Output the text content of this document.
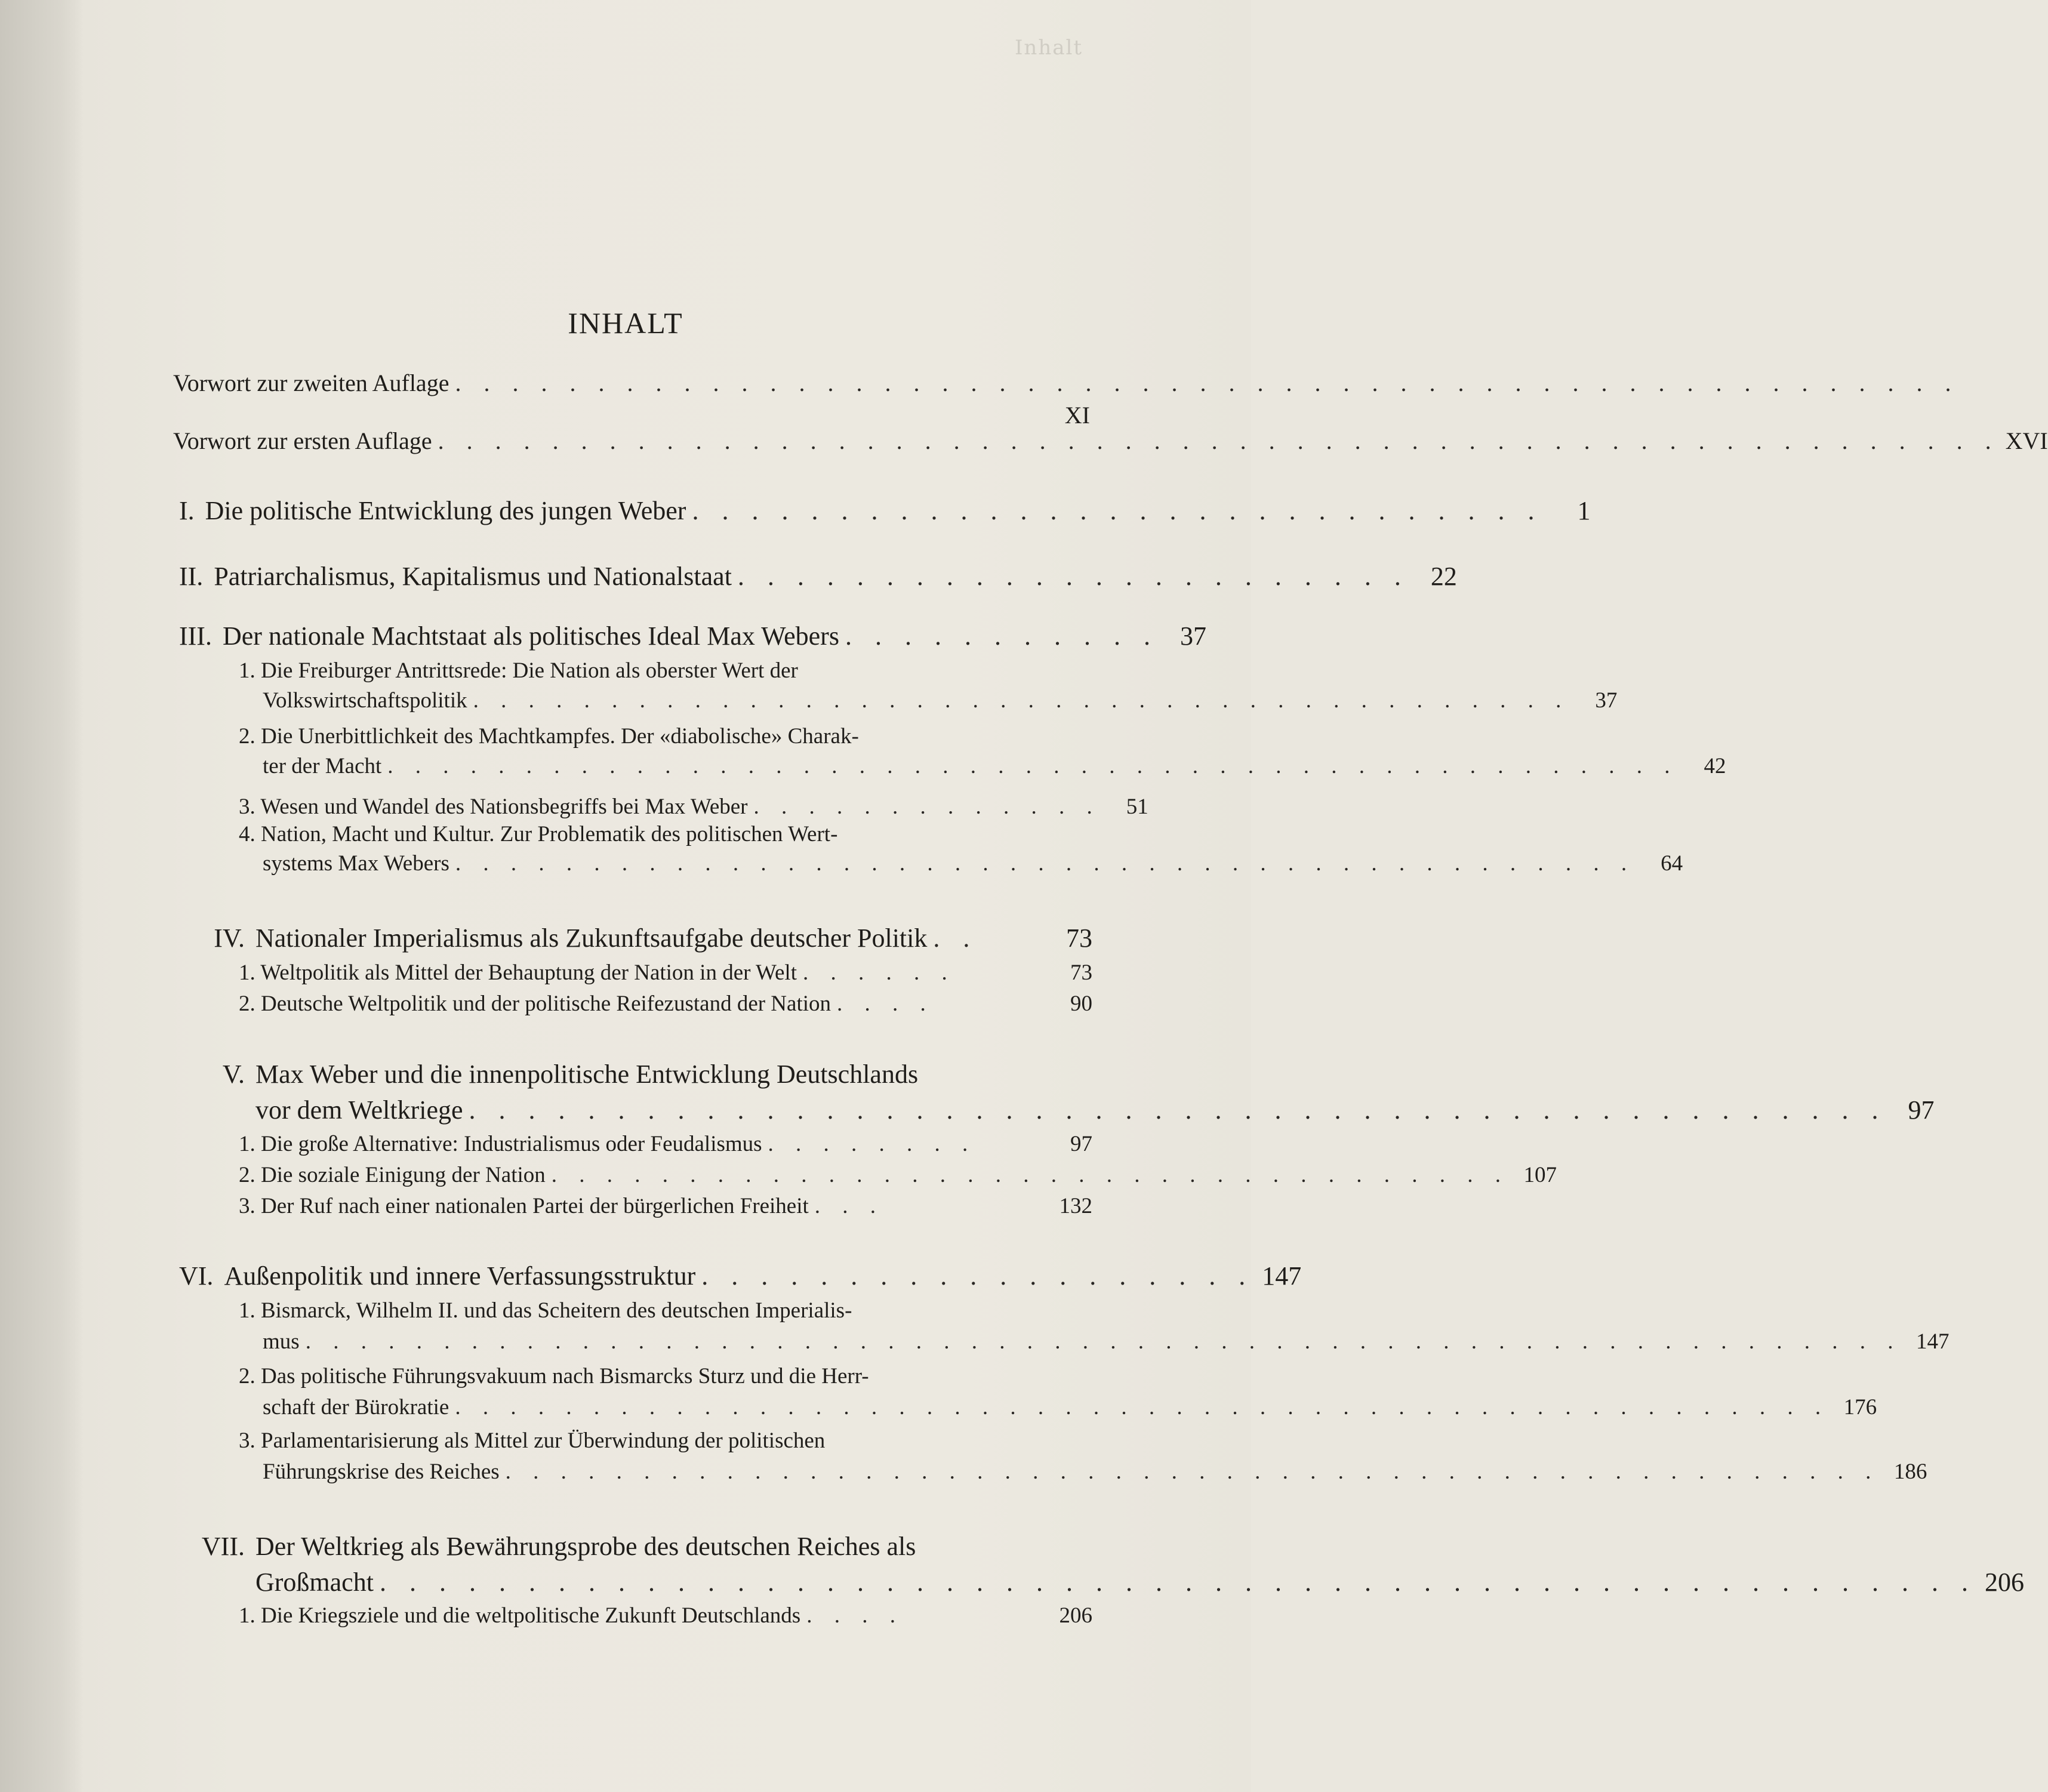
Inhalt
INHALT
Vorwort zur zweiten Auflage . . . . . . . . . . . . . . . . . . . . . . . . . . . . . . . . . . . . . . . . . . . . . . . . . . . . .
XI
Vorwort zur ersten Auflage . . . . . . . . . . . . . . . . . . . . . . . . . . . . . . . . . . . . . . . . . . . . . . . . . . . . . . . XVI
I. Die politische Entwicklung des jungen Weber . . . . . . . . . . . . . . . . . . . . . . . . . . . . .	1
II. Patriarchalismus, Kapitalismus und Nationalstaat . . . . . . . . . . . . . . . . . . . . . . . 22
III. Der nationale Machtstaat als politisches Ideal Max Webers . . . . . . . . . . . 37
1. Die Freiburger Antrittsrede: Die Nation als oberster Wert der
Volkswirtschaftspolitik . . . . . . . . . . . . . . . . . . . . . . . . . . . . . . . . . . . . . . . .	37
2. Die Unerbittlichkeit des Machtkampfes. Der «diabolische» Charak-
ter der Macht . . . . . . . . . . . . . . . . . . . . . . . . . . . . . . . . . . . . . . . . . . . . . . .	42
3. Wesen und Wandel des Nationsbegriffs bei Max Weber . . . . . . . . . . . . .	51
4. Nation, Macht und Kultur. Zur Problematik des politischen Wert-
systems Max Webers . . . . . . . . . . . . . . . . . . . . . . . . . . . . . . . . . . . . . . . . . . .	64
IV. Nationaler Imperialismus als Zukunftsaufgabe deutscher Politik . .	73
1. Weltpolitik als Mittel der Behauptung der Nation in der Welt . . . . . .	73
2. Deutsche Weltpolitik und der politische Reifezustand der Nation . . . .	90
V. Max Weber und die innenpolitische Entwicklung Deutschlands
vor dem Weltkriege . . . . . . . . . . . . . . . . . . . . . . . . . . . . . . . . . . . . . . . . . . . . . . . . 97
1. Die große Alternative: Industrialismus oder Feudalismus . . . . . . . .	97
2. Die soziale Einigung der Nation . . . . . . . . . . . . . . . . . . . . . . . . . . . . . . . . . . . 107
3. Der Ruf nach einer nationalen Partei der bürgerlichen Freiheit . . .	132
VI. Außenpolitik und innere Verfassungsstruktur . . . . . . . . . . . . . . . . . . . 147
1. Bismarck, Wilhelm II. und das Scheitern des deutschen Imperialis-
mus . . . . . . . . . . . . . . . . . . . . . . . . . . . . . . . . . . . . . . . . . . . . . . . . . . . . . . . . . . 147
2. Das politische Führungsvakuum nach Bismarcks Sturz und die Herr-
schaft der Bürokratie . . . . . . . . . . . . . . . . . . . . . . . . . . . . . . . . . . . . . . . . . . . . . . . . . . 176
3. Parlamentarisierung als Mittel zur Überwindung der politischen
Führungskrise des Reiches . . . . . . . . . . . . . . . . . . . . . . . . . . . . . . . . . . . . . . . . . . . . . . . . . . 186
VII. Der Weltkrieg als Bewährungsprobe des deutschen Reiches als
Großmacht . . . . . . . . . . . . . . . . . . . . . . . . . . . . . . . . . . . . . . . . . . . . . . . . . . . . . . 206
1. Die Kriegsziele und die weltpolitische Zukunft Deutschlands . . . .	206
